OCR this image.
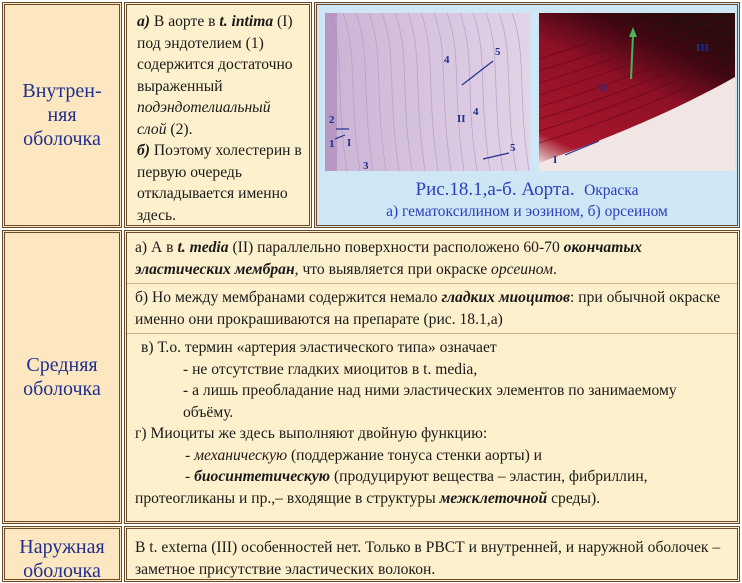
Внутрен-
няя
оболочка
а) В аорте в t. intima (I) под эндотелием (1) содержится достаточно выраженный подэндотелиальный слой (2).
б) Поэтому холестерин в первую очередь откладывается именно здесь.
4
5
2
1 I
3
4
II
5
III
II
I
Рис.18.1,а-б. Аорта. Окраска
а) гематоксилином и эозином, б) орсеином
Средняя
оболочка

а) А в t. media (II) параллельно поверхности расположено 60-70 окончатых эластических мембран, что выявляется при окраске орсеином.

б) Но между мембранами содержится немало гладких миоцитов: при обычной окраске именно они прокрашиваются на препарате (рис. 18.1,а)

в) Т.о. термин «артерия эластического типа» означает

- не отсутствие гладких миоцитов в t. media,

- а лишь преобладание над ними эластических элементов по занимаемому объёму.

г) Миоциты же здесь выполняют двойную функцию:

- механическую (поддержание тонуса стенки аорты) и

- биосинтетическую (продуцируют вещества – эластин, фибриллин, протеогликаны и пр.,– входящие в структуры межклеточной среды).

Наружная
оболочка
В t. externa (III) особенностей нет. Только в РВСТ и внутренней, и наружной оболочек – заметное присутствие эластических волокон.
